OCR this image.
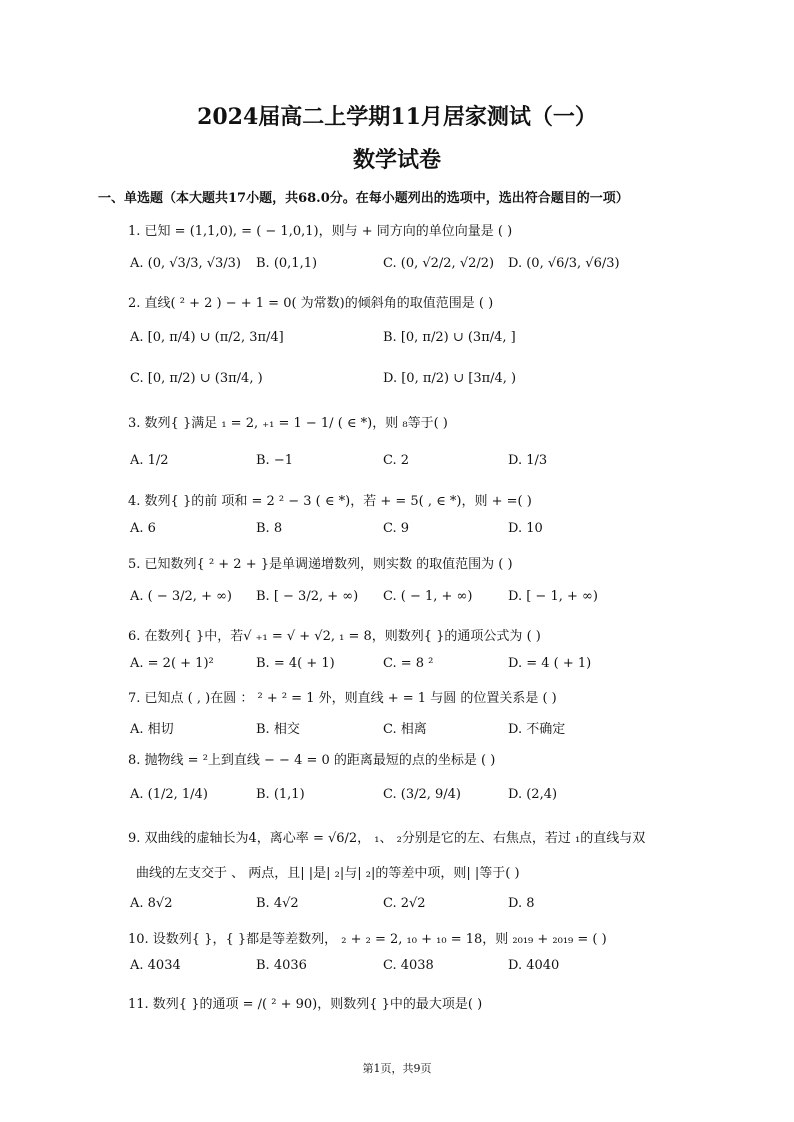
2024届高二上学期11月居家测试（一）
数学试卷
一、单选题（本大题共17小题，共68.0分。在每小题列出的选项中，选出符合题目的一项）
1. 已知 = (1,1,0), = ( − 1,0,1)，则与 + 同方向的单位向量是 ( )
A. (0, √3/3, √3/3) B. (0,1,1)	C. (0, √2/2, √2/2) D. (0, √6/3, √6/3)
2. 直线( ² + 2 ) − + 1 = 0( 为常数)的倾斜角的取值范围是 ( )
A. [0, π/4) ∪ (π/2, 3π/4]	B. [0, π/2) ∪ (3π/4, ]
C. [0, π/2) ∪ (3π/4, )	D. [0, π/2) ∪ [3π/4, )
3. 数列{ }满足 ₁ = 2, ₊₁ = 1 − 1/ ( ∈ *)，则 ₈等于( )
A. 1/2	B. −1	C. 2	D. 1/3
4. 数列{ }的前 项和 = 2 ² − 3 ( ∈ *)，若 + = 5( , ∈ *)，则 + =( )
A. 6	B. 8	C. 9	D. 10
5. 已知数列{ ² + 2 + }是单调递增数列，则实数 的取值范围为 ( )
A. ( − 3/2, + ∞) B. [ − 3/2, + ∞) C. ( − 1, + ∞)	D. [ − 1, + ∞)
6. 在数列{ }中，若√ ₊₁ = √ + √2, ₁ = 8，则数列{ }的通项公式为 ( )
A. = 2( + 1)²	B. = 4( + 1)	C. = 8 ²	D. = 4 ( + 1)
7. 已知点 ( , )在圆 ： ² + ² = 1 外，则直线 + = 1 与圆 的位置关系是 ( )
A. 相切	B. 相交	C. 相离	D. 不确定
8. 抛物线 = ²上到直线 − − 4 = 0 的距离最短的点的坐标是 ( )
A. (1/2, 1/4)	B. (1,1)	C. (3/2, 9/4)	D. (2,4)
9. 双曲线的虚轴长为4，离心率 = √6/2， ₁、 ₂分别是它的左、右焦点，若过 ₁的直线与双
曲线的左支交于 、 两点，且| |是| ₂|与| ₂|的等差中项，则| |等于( )
A. 8√2	B. 4√2	C. 2√2	D. 8
10. 设数列{ }，{ }都是等差数列， ₂ + ₂ = 2, ₁₀ + ₁₀ = 18，则 ₂₀₁₉ + ₂₀₁₉ = ( )
A. 4034	B. 4036	C. 4038	D. 4040
11. 数列{ }的通项 = /( ² + 90)，则数列{ }中的最大项是( )
第1页，共9页
